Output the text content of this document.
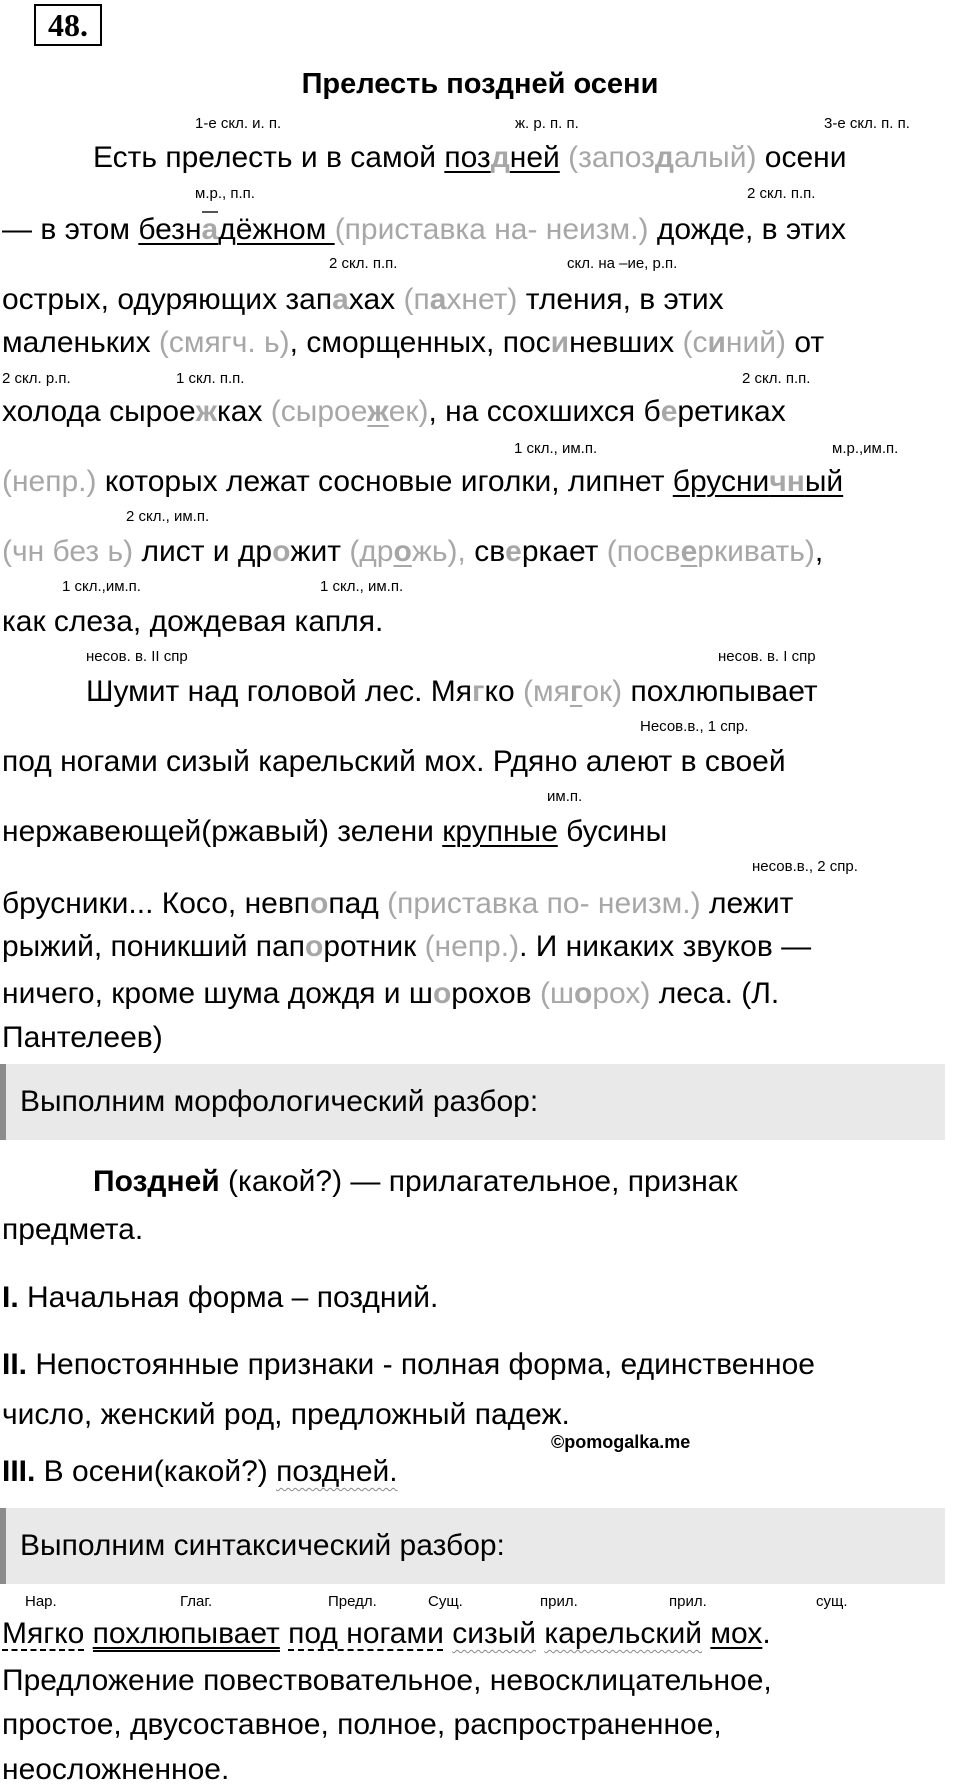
48.
Прелесть поздней осени
1-е скл. и. п.	ж. р. п. п.	3-е скл. п. п.
Есть прелесть и в самой поздней (запоздалый) осени
м.р., п.п.	2 скл. п.п.
— в этом безнадёжном (приставка на- неизм.) дожде, в этих
2 скл. п.п.	скл. на –ие, р.п.
острых, одуряющих запахах (пахнет) тления, в этих
маленьких (смягч. ь), сморщенных, посиневших (синий) от
2 скл. р.п.	1 скл. п.п.	2 скл. п.п.
холода сыроeжках (сыроeжек), на ссохшихся беретиках
1 скл., им.п.	м.р.,им.п.
(непр.) которых лежат сосновые иголки, липнет брусничный
2 скл., им.п.
(чн без ь) лист и дрожит (дрожь), сверкает (посверкивать),
1 скл.,им.п.	1 скл., им.п.
как слеза, дождевая капля.
несов. в. II спр	несов. в. I спр
Шумит над головой лес. Мягко (мягок) похлюпывает
Несов.в., 1 спр.
под ногами сизый карельский мох. Рдяно алеют в своей
им.п.
нержавеющей(ржавый) зелени крупные бусины
несов.в., 2 спр.
брусники... Косо, невпопад (приставка по- неизм.) лежит
рыжий, поникший папоротник (непр.). И никаких звуков —
ничего, кроме шума дождя и шорохов (шорох) леса. (Л.
Пантелеев)
Выполним морфологический разбор:
Поздней (какой?) — прилагательное, признак
предмета.
I. Начальная форма – поздний.
II. Непостоянные признаки - полная форма, единственное
число, женский род, предложный падеж.
©pomogalka.me
III. В осени(какой?) поздней.
Выполним синтаксический разбор:
Нар.	Глаг.	Предл.	Сущ.	прил.	прил.	сущ.
Мягко похлюпывает под ногами сизый карельский мох.
Предложение повествовательное, невосклицательное,
простое, двусоставное, полное, распространенное,
неосложненное.
